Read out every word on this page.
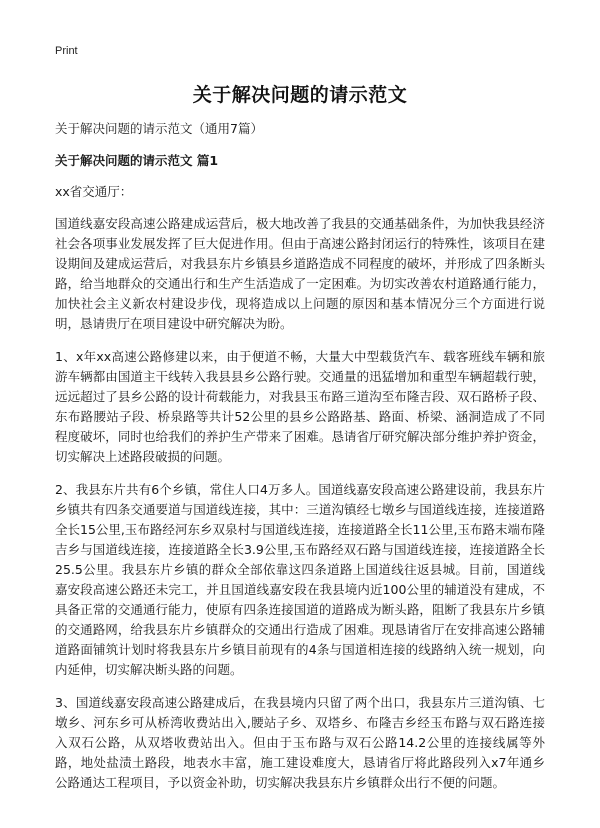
Print
关于解决问题的请示范文

关于解决问题的请示范文（通用7篇）

关于解决问题的请示范文 篇1

xx省交通厅：

国道线嘉安段高速公路建成运营后，极大地改善了我县的交通基础条件，为加快我县经济社会各项事业发展发挥了巨大促进作用。但由于高速公路封闭运行的特殊性，该项目在建设期间及建成运营后，对我县东片乡镇县乡道路造成不同程度的破坏，并形成了四条断头路，给当地群众的交通出行和生产生活造成了一定困难。为切实改善农村道路通行能力，加快社会主义新农村建设步伐，现将造成以上问题的原因和基本情况分三个方面进行说明，恳请贵厅在项目建设中研究解决为盼。

1、x年xx高速公路修建以来，由于便道不畅，大量大中型载货汽车、载客班线车辆和旅游车辆都由国道主干线转入我县县乡公路行驶。交通量的迅猛增加和重型车辆超载行驶，远远超过了县乡公路的设计荷载能力，对我县玉布路三道沟至布隆吉段、双石路桥子段、东布路腰站子段、桥泉路等共计52公里的县乡公路路基、路面、桥梁、涵洞造成了不同程度破坏，同时也给我们的养护生产带来了困难。恳请省厅研究解决部分维护养护资金，切实解决上述路段破损的问题。

2、我县东片共有6个乡镇，常住人口4万多人。国道线嘉安段高速公路建设前，我县东片乡镇共有四条交通要道与国道线连接，其中：三道沟镇经七墩乡与国道线连接，连接道路全长15公里,玉布路经河东乡双泉村与国道线连接，连接道路全长11公里,玉布路末端布隆吉乡与国道线连接，连接道路全长3.9公里,玉布路经双石路与国道线连接，连接道路全长25.5公里。我县东片乡镇的群众全部依靠这四条道路上国道线往返县城。目前，国道线嘉安段高速公路还未完工，并且国道线嘉安段在我县境内近100公里的辅道没有建成，不具备正常的交通通行能力，使原有四条连接国道的道路成为断头路，阻断了我县东片乡镇的交通路网，给我县东片乡镇群众的交通出行造成了困难。现恳请省厅在安排高速公路辅道路面铺筑计划时将我县东片乡镇目前现有的4条与国道相连接的线路纳入统一规划，向内延伸，切实解决断头路的问题。

3、国道线嘉安段高速公路建成后，在我县境内只留了两个出口，我县东片三道沟镇、七墩乡、河东乡可从桥湾收费站出入,腰站子乡、双塔乡、布隆吉乡经玉布路与双石路连接入双石公路，从双塔收费站出入。但由于玉布路与双石公路14.2公里的连接线属等外路，地处盐渍土路段，地表水丰富，施工建设难度大，恳请省厅将此路段列入x7年通乡公路通达工程项目，予以资金补助，切实解决我县东片乡镇群众出行不便的问题。
